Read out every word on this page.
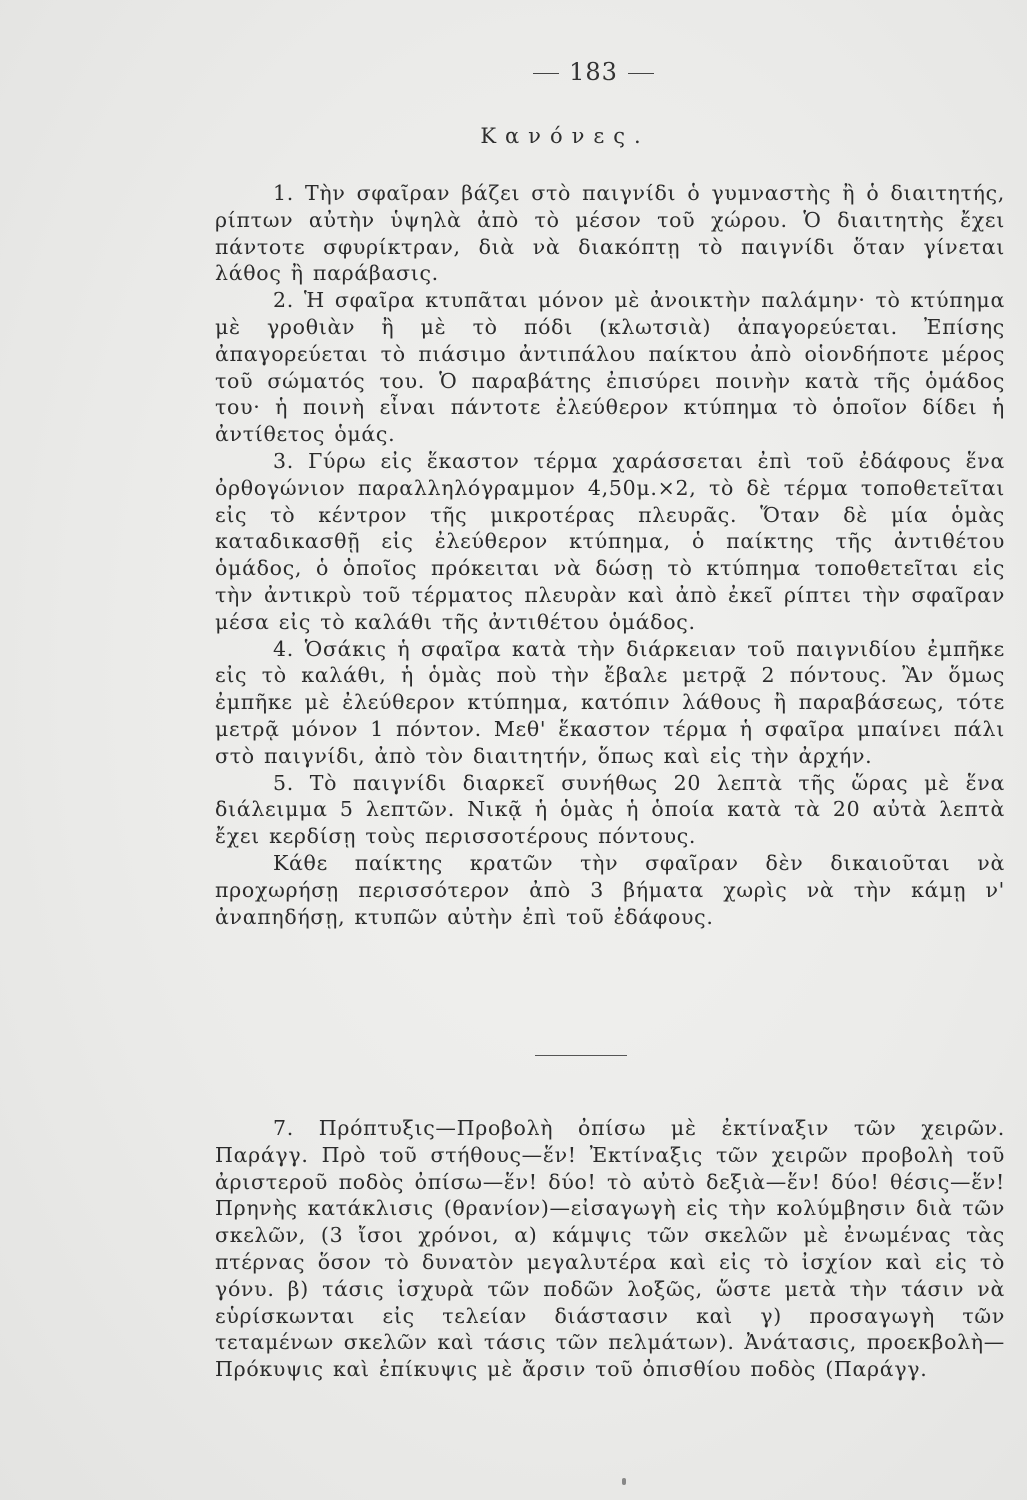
183
Κανόνες.

1. Τὴν σφαῖραν βάζει στὸ παιγνίδι ὁ γυμναστὴς ἢ ὁ διαιτητής, ρίπτων αὐτὴν ὑψηλὰ ἀπὸ τὸ μέσον τοῦ χώρου. Ὁ διαιτητὴς ἔχει πάντοτε σφυρίκτραν, διὰ νὰ διακόπτῃ τὸ παιγνίδι ὅταν γίνεται λάθος ἢ παράβασις.

2. Ἡ σφαῖρα κτυπᾶται μόνον μὲ ἀνοικτὴν παλάμην· τὸ κτύπημα μὲ γροθιὰν ἢ μὲ τὸ πόδι (κλωτσιὰ) ἀπαγορεύεται. Ἐπίσης ἀπαγορεύεται τὸ πιάσιμο ἀντιπάλου παίκτου ἀπὸ οἱονδήποτε μέρος τοῦ σώματός του. Ὁ παραβάτης ἐπισύρει ποινὴν κατὰ τῆς ὁμάδος του· ἡ ποινὴ εἶναι πάντοτε ἐλεύθερον κτύπημα τὸ ὁποῖον δίδει ἡ ἀντίθετος ὁμάς.

3. Γύρω εἰς ἕκαστον τέρμα χαράσσεται ἐπὶ τοῦ ἐδάφους ἕνα ὀρθογώνιον παραλληλόγραμμον 4,50μ.×2, τὸ δὲ τέρμα τοποθετεῖται εἰς τὸ κέντρον τῆς μικροτέρας πλευρᾶς. Ὅταν δὲ μία ὁμὰς καταδικασθῇ εἰς ἐλεύθερον κτύπημα, ὁ παίκτης τῆς ἀντιθέτου ὁμάδος, ὁ ὁποῖος πρόκειται νὰ δώσῃ τὸ κτύπημα τοποθετεῖται εἰς τὴν ἀντικρὺ τοῦ τέρματος πλευρὰν καὶ ἀπὸ ἐκεῖ ρίπτει τὴν σφαῖραν μέσα εἰς τὸ καλάθι τῆς ἀντιθέτου ὁμάδος.

4. Ὁσάκις ἡ σφαῖρα κατὰ τὴν διάρκειαν τοῦ παιγνιδίου ἐμπῆκε εἰς τὸ καλάθι, ἡ ὁμὰς ποὺ τὴν ἔβαλε μετρᾷ 2 πόντους. Ἂν ὅμως ἐμπῆκε μὲ ἐλεύθερον κτύπημα, κατόπιν λάθους ἢ παραβάσεως, τότε μετρᾷ μόνον 1 πόντον. Μεθ' ἕκαστον τέρμα ἡ σφαῖρα μπαίνει πάλι στὸ παιγνίδι, ἀπὸ τὸν διαιτητήν, ὅπως καὶ εἰς τὴν ἀρχήν.

5. Τὸ παιγνίδι διαρκεῖ συνήθως 20 λεπτὰ τῆς ὥρας μὲ ἕνα διάλειμμα 5 λεπτῶν. Νικᾷ ἡ ὁμὰς ἡ ὁποία κατὰ τὰ 20 αὐτὰ λεπτὰ ἔχει κερδίσῃ τοὺς περισσοτέρους πόντους.

Κάθε παίκτης κρατῶν τὴν σφαῖραν δὲν δικαιοῦται νὰ προχωρήσῃ περισσότερον ἀπὸ 3 βήματα χωρὶς νὰ τὴν κάμῃ ν' ἀναπηδήσῃ, κτυπῶν αὐτὴν ἐπὶ τοῦ ἐδάφους.

7. Πρόπτυξις—Προβολὴ ὀπίσω μὲ ἐκτίναξιν τῶν χειρῶν. Παράγγ. Πρὸ τοῦ στήθους—ἕν! Ἐκτίναξις τῶν χειρῶν προβολὴ τοῦ ἀριστεροῦ ποδὸς ὀπίσω—ἕν! δύο! τὸ αὐτὸ δεξιὰ—ἕν! δύο! θέσις—ἕν! Πρηνὴς κατάκλισις (θρανίον)—εἰσαγωγὴ εἰς τὴν κολύμβησιν διὰ τῶν σκελῶν, (3 ἴσοι χρόνοι, α) κάμψις τῶν σκελῶν μὲ ἐνωμένας τὰς πτέρνας ὅσον τὸ δυνατὸν μεγαλυτέρα καὶ εἰς τὸ ἰσχίον καὶ εἰς τὸ γόνυ. β) τάσις ἰσχυρὰ τῶν ποδῶν λοξῶς, ὥστε μετὰ τὴν τάσιν νὰ εὑρίσκωνται εἰς τελείαν διάστασιν καὶ γ) προσαγωγὴ τῶν τεταμένων σκελῶν καὶ τάσις τῶν πελμάτων). Ἀνάτασις, προεκβολὴ—Πρόκυψις καὶ ἐπίκυψις μὲ ἄρσιν τοῦ ὀπισθίου ποδὸς (Παράγγ.
